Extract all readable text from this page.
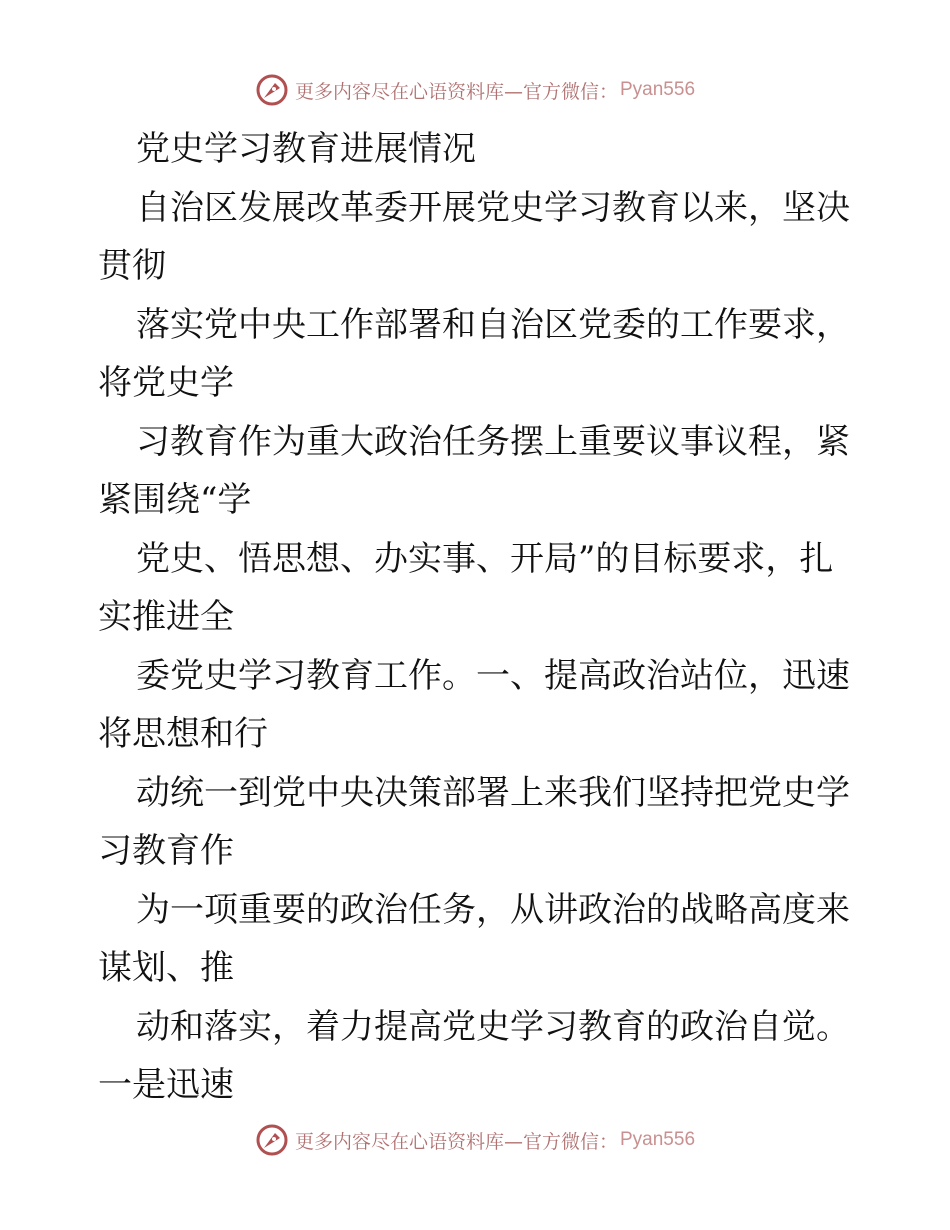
更多内容尽在心语资料库—官方微信： Pyan556
党史学习教育进展情况
自治区发展改革委开展党史学习教育以来，坚决
贯彻
落实党中央工作部署和自治区党委的工作要求，
将党史学
习教育作为重大政治任务摆上重要议事议程，紧
紧围绕“学
党史、悟思想、办实事、开局”的目标要求，扎
实推进全
委党史学习教育工作。一、提高政治站位，迅速
将思想和行
动统一到党中央决策部署上来我们坚持把党史学
习教育作
为一项重要的政治任务，从讲政治的战略高度来
谋划、推
动和落实，着力提高党史学习教育的政治自觉。
一是迅速
更多内容尽在心语资料库—官方微信： Pyan556
